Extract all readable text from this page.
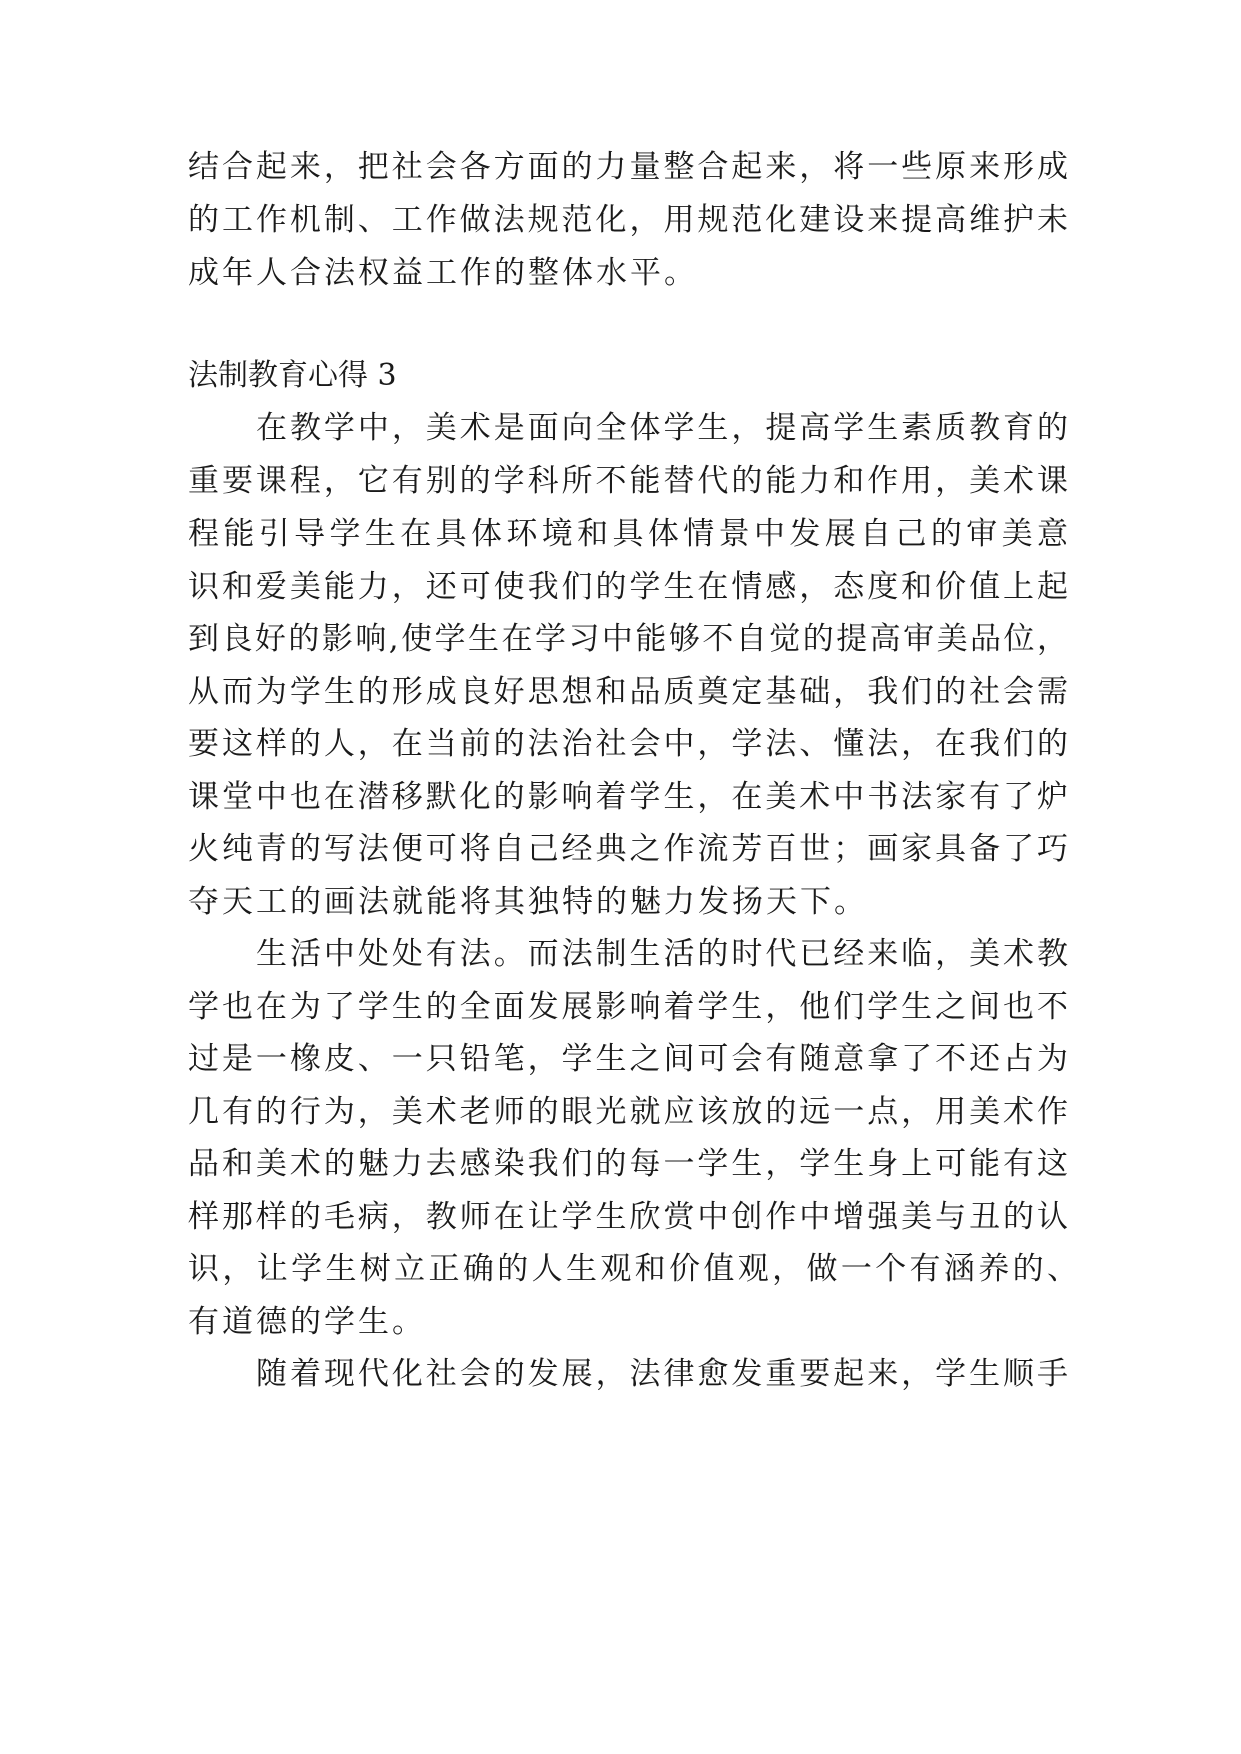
结合起来，把社会各方面的力量整合起来，将一些原来形成
的工作机制、工作做法规范化，用规范化建设来提高维护未
成年人合法权益工作的整体水平。
法制教育心得 3
在教学中，美术是面向全体学生，提高学生素质教育的
重要课程，它有别的学科所不能替代的能力和作用，美术课
程能引导学生在具体环境和具体情景中发展自己的审美意
识和爱美能力，还可使我们的学生在情感，态度和价值上起
到良好的影响,使学生在学习中能够不自觉的提高审美品位，
从而为学生的形成良好思想和品质奠定基础，我们的社会需
要这样的人，在当前的法治社会中，学法、懂法，在我们的
课堂中也在潜移默化的影响着学生，在美术中书法家有了炉
火纯青的写法便可将自己经典之作流芳百世；画家具备了巧
夺天工的画法就能将其独特的魅力发扬天下。
生活中处处有法。而法制生活的时代已经来临，美术教
学也在为了学生的全面发展影响着学生，他们学生之间也不
过是一橡皮、一只铅笔，学生之间可会有随意拿了不还占为
几有的行为，美术老师的眼光就应该放的远一点，用美术作
品和美术的魅力去感染我们的每一学生，学生身上可能有这
样那样的毛病，教师在让学生欣赏中创作中增强美与丑的认
识，让学生树立正确的人生观和价值观，做一个有涵养的、
有道德的学生。
随着现代化社会的发展，法律愈发重要起来，学生顺手
